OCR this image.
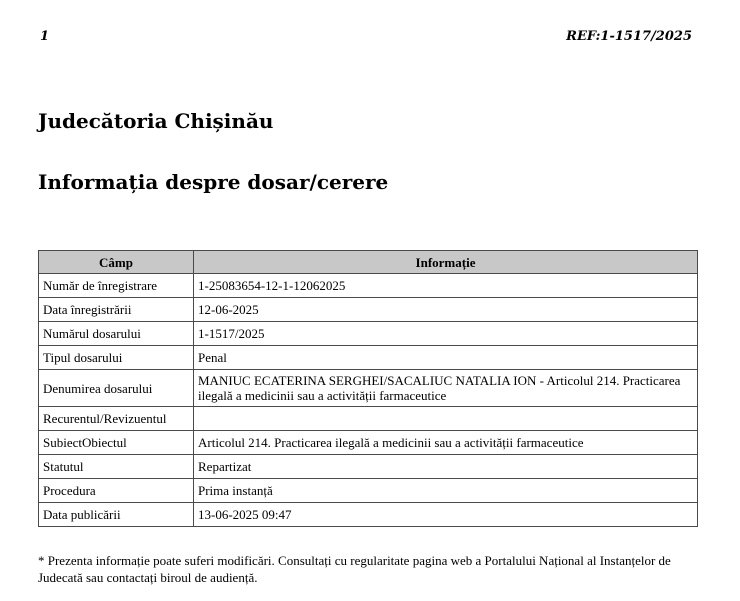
1	REF:1-1517/2025
Judecătoria Chișinău
Informația despre dosar/cerere
Câmp	Informație
Număr de înregistrare	1-25083654-12-1-12062025
Data înregistrării	12-06-2025
Numărul dosarului	1-1517/2025
Tipul dosarului	Penal
Denumirea dosarului	MANIUC ECATERINA SERGHEI/SACALIUC NATALIA ION - Articolul 214. Practicarea ilegală a medicinii sau a activității farmaceutice
Recurentul/Revizuentul	
SubiectObiectul	Articolul 214. Practicarea ilegală a medicinii sau a activității farmaceutice
Statutul	Repartizat
Procedura	Prima instanță
Data publicării	13-06-2025 09:47

* Prezenta informație poate suferi modificări. Consultați cu regularitate pagina web a Portalului Național al Instanțelor de Judecată sau contactați biroul de audiență.
